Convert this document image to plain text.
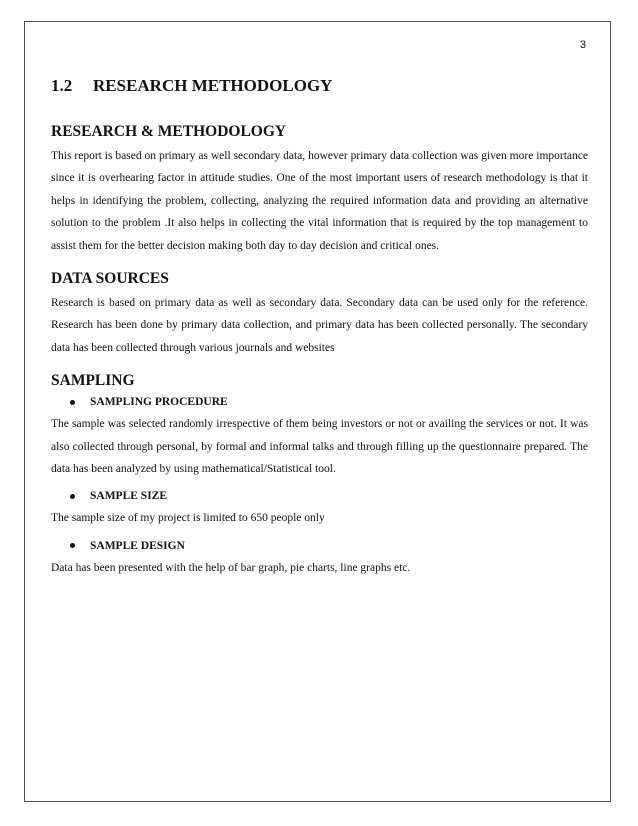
3
1.2	RESEARCH METHODOLOGY
RESEARCH & METHODOLOGY

This report is based on primary as well secondary data, however primary data collection was given more importance since it is overhearing factor in attitude studies. One of the most important users of research methodology is that it helps in identifying the problem, collecting, analyzing the required information data and providing an alternative solution to the problem .It also helps in collecting the vital information that is required by the top management to assist them for the better decision making both day to day decision and critical ones.

DATA SOURCES

Research is based on primary data as well as secondary data. Secondary data can be used only for the reference. Research has been done by primary data collection, and primary data has been collected personally. The secondary data has been collected through various journals and websites

SAMPLING
SAMPLING PROCEDURE

The sample was selected randomly irrespective of them being investors or not or availing the services or not. It was also collected through personal, by formal and informal talks and through filling up the questionnaire prepared. The data has been analyzed by using mathematical/Statistical tool.

SAMPLE SIZE

The sample size of my project is limited to 650 people only

SAMPLE DESIGN

Data has been presented with the help of bar graph, pie charts, line graphs etc.
